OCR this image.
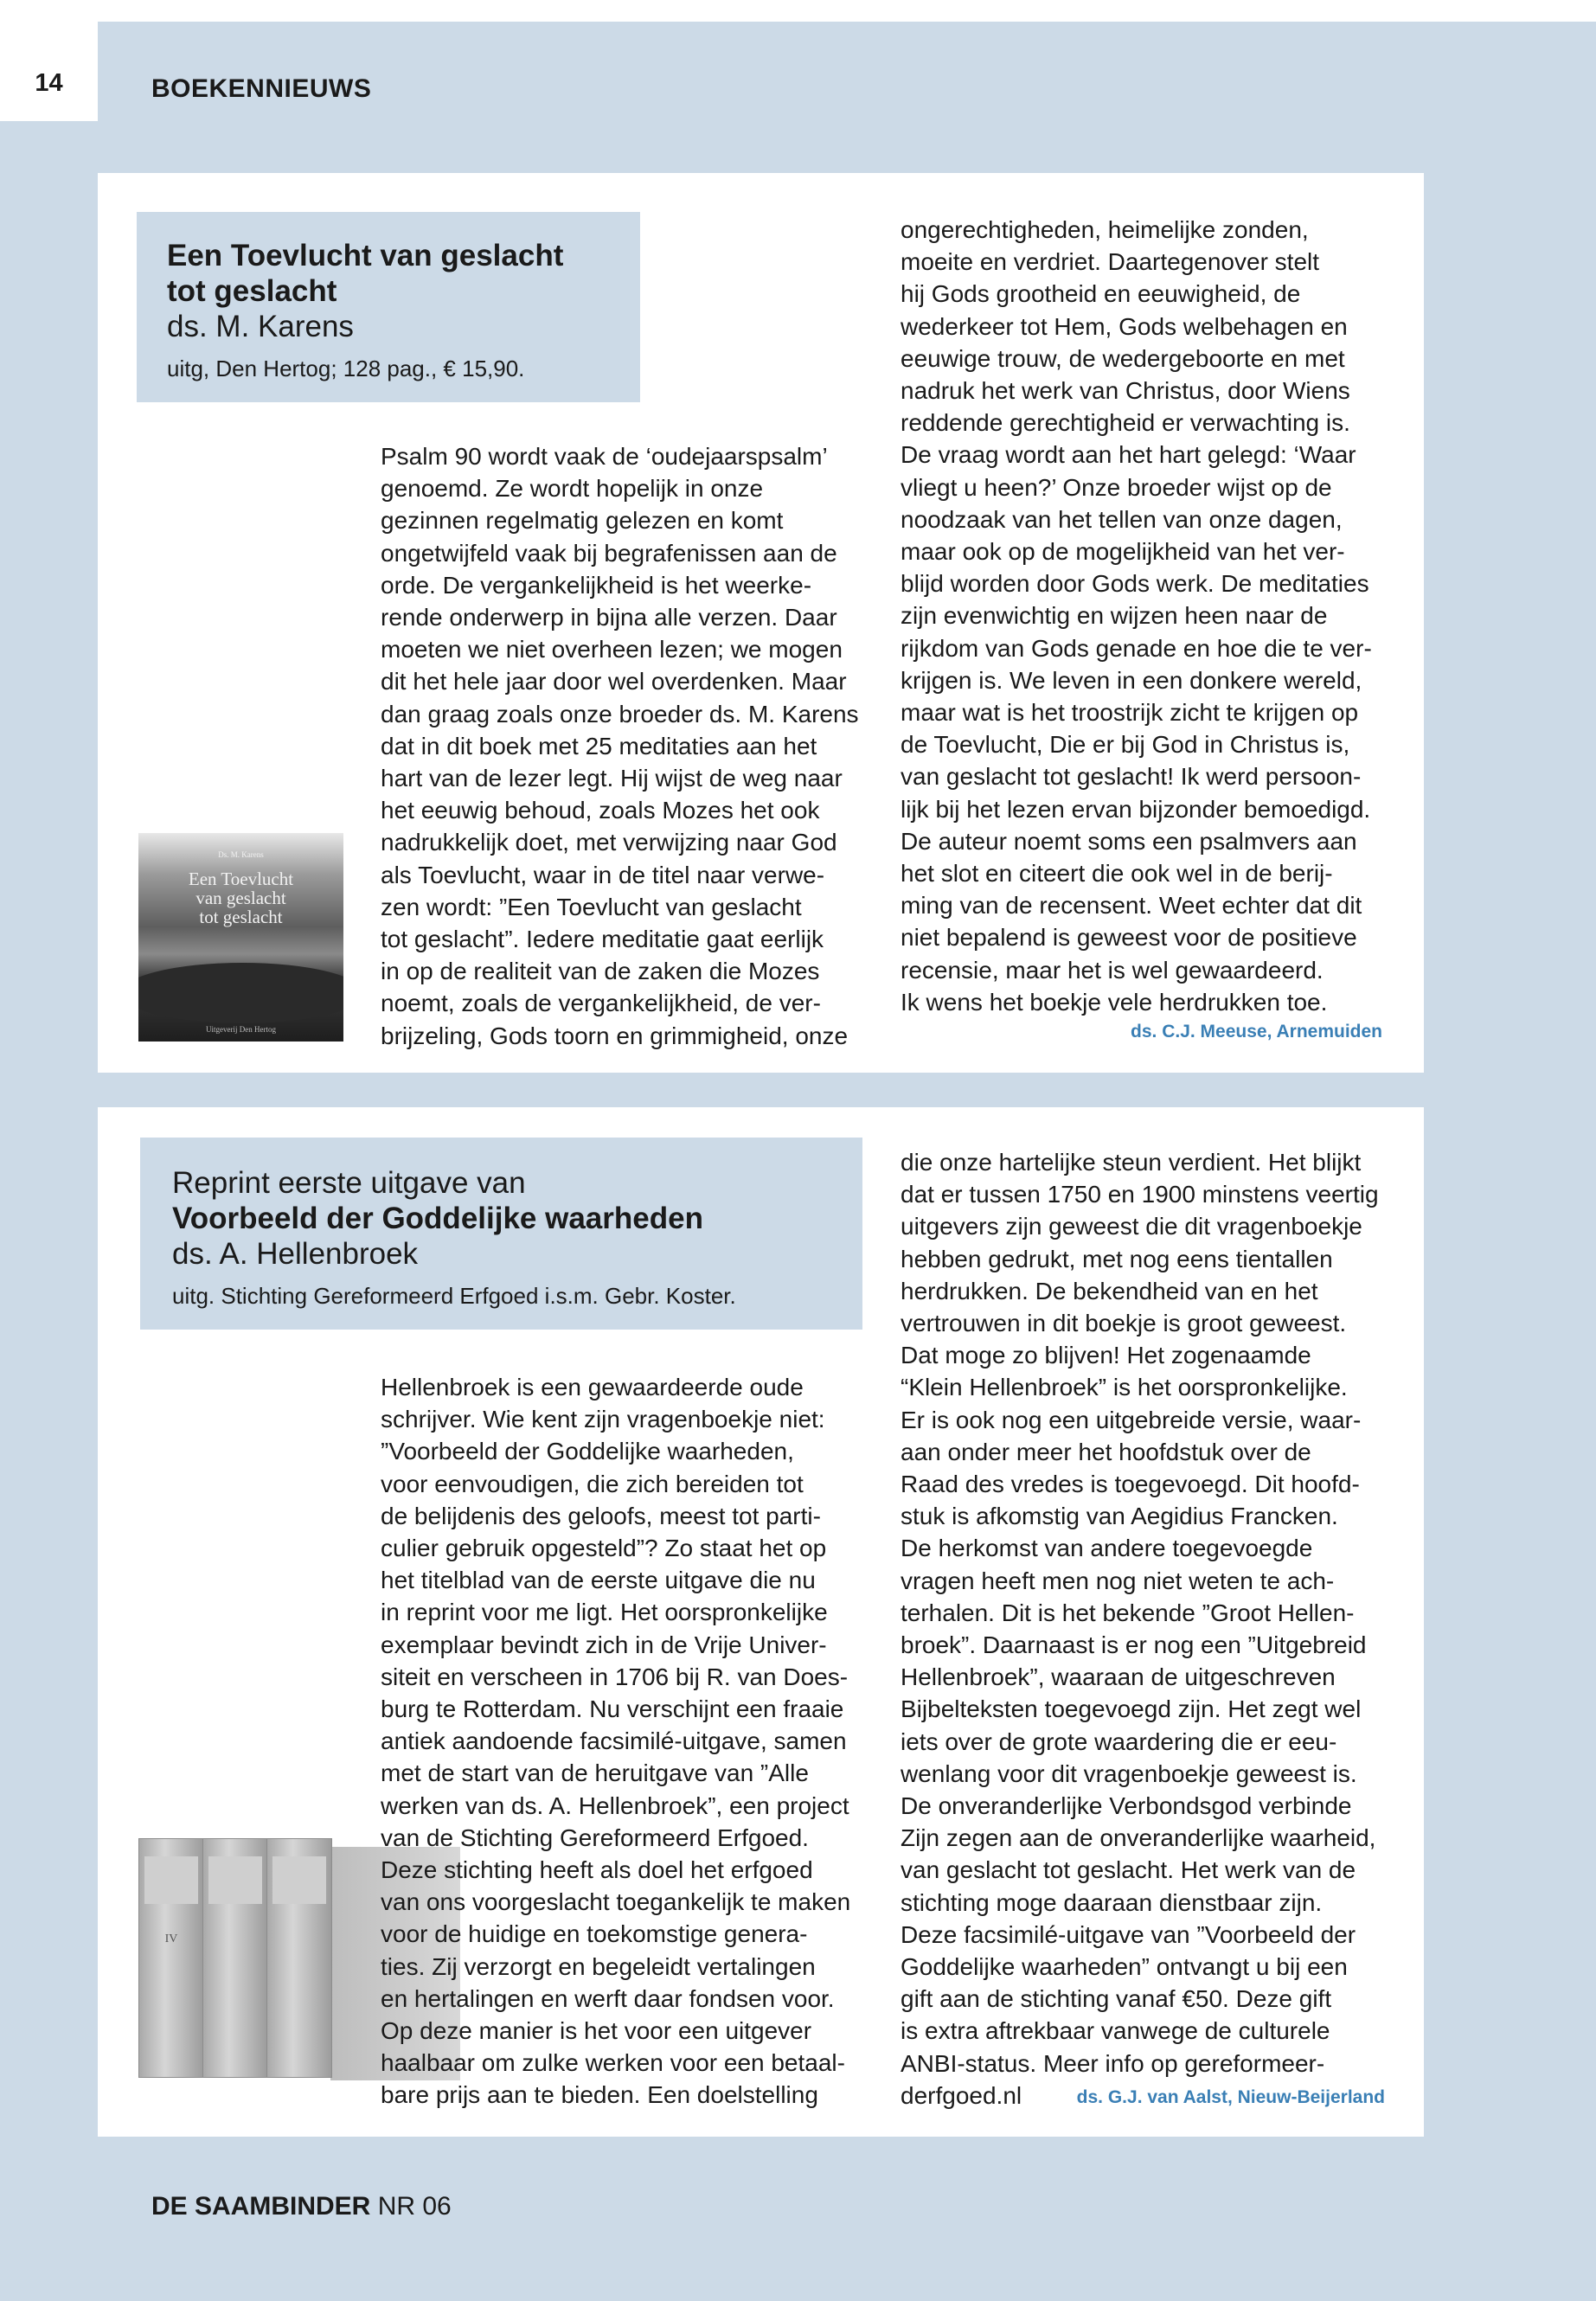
14	BOEKENNIEUWS

Een Toevlucht van geslacht

tot geslacht

ds. M. Karens

uitg, Den Hertog; 128 pag., € 15,90.
Ds. M. Karens
Een Toevlucht
van geslacht
tot geslacht
Uitgeverij Den Hertog

Psalm 90 wordt vaak de ‘oudejaarspsalm’

genoemd. Ze wordt hopelijk in onze

gezinnen regelmatig gelezen en komt

ongetwijfeld vaak bij begrafenissen aan de

orde. De vergankelijkheid is het weerke-

rende onderwerp in bijna alle verzen. Daar

moeten we niet overheen lezen; we mogen

dit het hele jaar door wel overdenken. Maar

dan graag zoals onze broeder ds. M. Karens

dat in dit boek met 25 meditaties aan het

hart van de lezer legt. Hij wijst de weg naar

het eeuwig behoud, zoals Mozes het ook

nadrukkelijk doet, met verwijzing naar God

als Toevlucht, waar in de titel naar verwe-

zen wordt: ”Een Toevlucht van geslacht

tot geslacht”. Iedere meditatie gaat eerlijk

in op de realiteit van de zaken die Mozes

noemt, zoals de vergankelijkheid, de ver-

brijzeling, Gods toorn en grimmigheid, onze

ongerechtigheden, heimelijke zonden,

moeite en verdriet. Daartegenover stelt

hij Gods grootheid en eeuwigheid, de

wederkeer tot Hem, Gods welbehagen en

eeuwige trouw, de wedergeboorte en met

nadruk het werk van Christus, door Wiens

reddende gerechtigheid er verwachting is.

De vraag wordt aan het hart gelegd: ‘Waar

vliegt u heen?’ Onze broeder wijst op de

noodzaak van het tellen van onze dagen,

maar ook op de mogelijkheid van het ver-

blijd worden door Gods werk. De meditaties

zijn evenwichtig en wijzen heen naar de

rijkdom van Gods genade en hoe die te ver-

krijgen is. We leven in een donkere wereld,

maar wat is het troostrijk zicht te krijgen op

de Toevlucht, Die er bij God in Christus is,

van geslacht tot geslacht! Ik werd persoon-

lijk bij het lezen ervan bijzonder bemoedigd.

De auteur noemt soms een psalmvers aan

het slot en citeert die ook wel in de berij-

ming van de recensent. Weet echter dat dit

niet bepalend is geweest voor de positieve

recensie, maar het is wel gewaardeerd.

Ik wens het boekje vele herdrukken toe.

ds. C.J. Meeuse, Arnemuiden

Reprint eerste uitgave van

Voorbeeld der Goddelijke waarheden

ds. A. Hellenbroek

uitg. Stichting Gereformeerd Erfgoed i.s.m. Gebr. Koster.
IV

Hellenbroek is een gewaardeerde oude

schrijver. Wie kent zijn vragenboekje niet:

”Voorbeeld der Goddelijke waarheden,

voor eenvoudigen, die zich bereiden tot

de belijdenis des geloofs, meest tot parti-

culier gebruik opgesteld”? Zo staat het op

het titelblad van de eerste uitgave die nu

in reprint voor me ligt. Het oorspronkelijke

exemplaar bevindt zich in de Vrije Univer-

siteit en verscheen in 1706 bij R. van Does-

burg te Rotterdam. Nu verschijnt een fraaie

antiek aandoende facsimilé-uitgave, samen

met de start van de heruitgave van ”Alle

werken van ds. A. Hellenbroek”, een project

van de Stichting Gereformeerd Erfgoed.

Deze stichting heeft als doel het erfgoed

van ons voorgeslacht toegankelijk te maken

voor de huidige en toekomstige genera-

ties. Zij verzorgt en begeleidt vertalingen

en hertalingen en werft daar fondsen voor.

Op deze manier is het voor een uitgever

haalbaar om zulke werken voor een betaal-

bare prijs aan te bieden. Een doelstelling

die onze hartelijke steun verdient. Het blijkt

dat er tussen 1750 en 1900 minstens veertig

uitgevers zijn geweest die dit vragenboekje

hebben gedrukt, met nog eens tientallen

herdrukken. De bekendheid van en het

vertrouwen in dit boekje is groot geweest.

Dat moge zo blijven! Het zogenaamde

“Klein Hellenbroek” is het oorspronkelijke.

Er is ook nog een uitgebreide versie, waar-

aan onder meer het hoofdstuk over de

Raad des vredes is toegevoegd. Dit hoofd-

stuk is afkomstig van Aegidius Francken.

De herkomst van andere toegevoegde

vragen heeft men nog niet weten te ach-

terhalen. Dit is het bekende ”Groot Hellen-

broek”. Daarnaast is er nog een ”Uitgebreid

Hellenbroek”, waaraan de uitgeschreven

Bijbelteksten toegevoegd zijn. Het zegt wel

iets over de grote waardering die er eeu-

wenlang voor dit vragenboekje geweest is.

De onveranderlijke Verbondsgod verbinde

Zijn zegen aan de onveranderlijke waarheid,

van geslacht tot geslacht. Het werk van de

stichting moge daaraan dienstbaar zijn.

Deze facsimilé-uitgave van ”Voorbeeld der

Goddelijke waarheden” ontvangt u bij een

gift aan de stichting vanaf €50. Deze gift

is extra aftrekbaar vanwege de culturele

ANBI-status. Meer info op gereformeer-

derfgoed.nl	ds. G.J. van Aalst, Nieuw-Beijerland
DE SAAMBINDER NR 06
